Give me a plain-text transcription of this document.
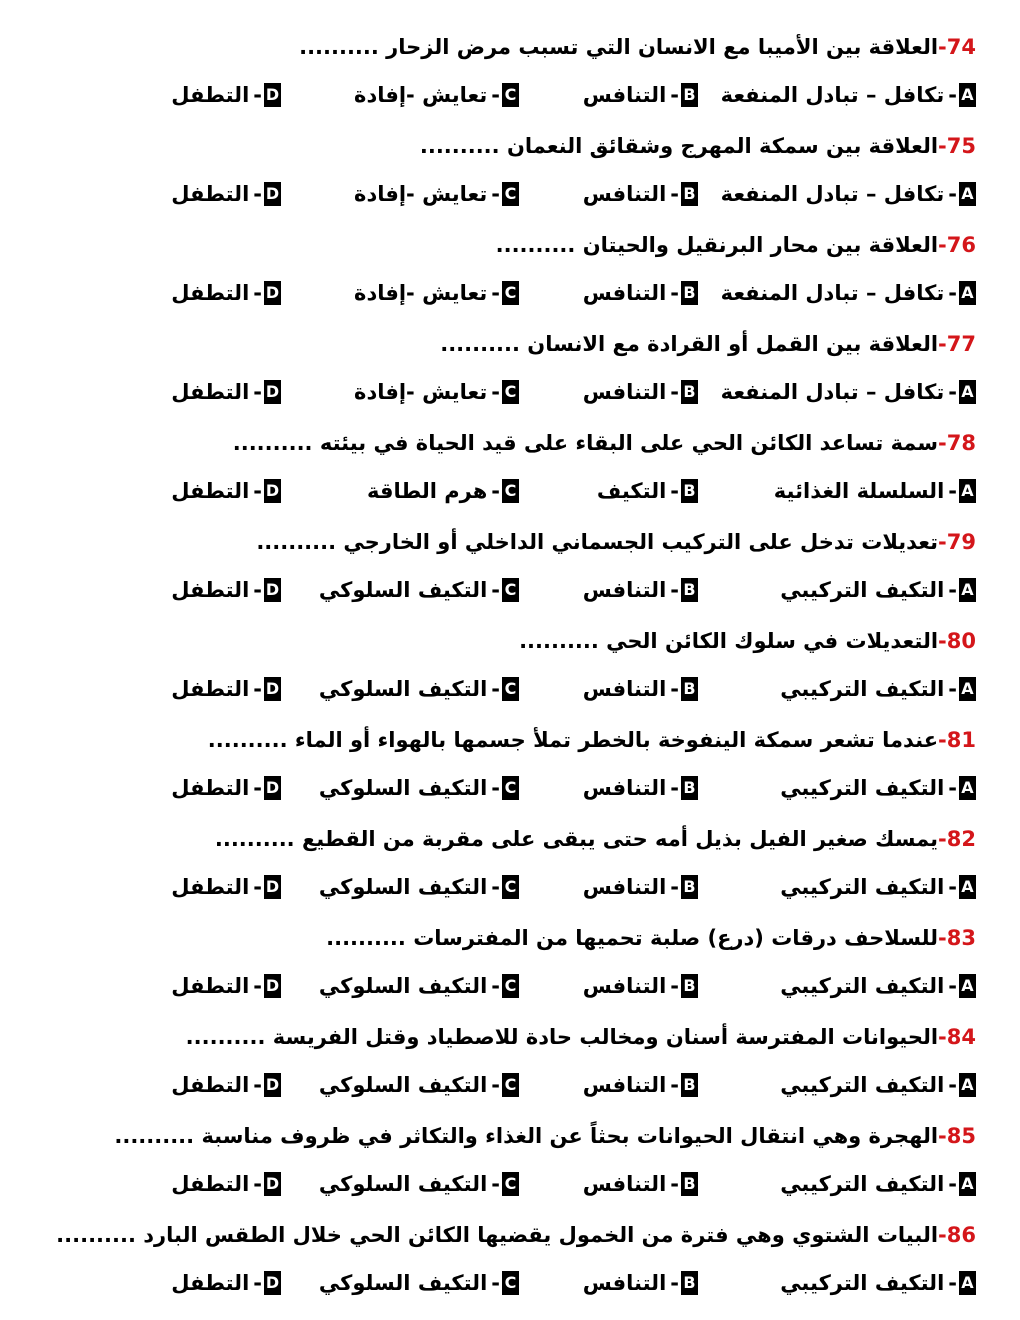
74-العلاقة بين الأميبا مع الانسان التي تسبب مرض الزحار ..........
A
-
تكافل – تبادل المنفعة
B
-
التنافس
C
-
تعايش -إفادة
D
-
التطفل
75-العلاقة بين سمكة المهرج وشقائق النعمان ..........
A
-
تكافل – تبادل المنفعة
B
-
التنافس
C
-
تعايش -إفادة
D
-
التطفل
76-العلاقة بين محار البرنقيل والحيتان ..........
A
-
تكافل – تبادل المنفعة
B
-
التنافس
C
-
تعايش -إفادة
D
-
التطفل
77-العلاقة بين القمل أو القرادة مع الانسان ..........
A
-
تكافل – تبادل المنفعة
B
-
التنافس
C
-
تعايش -إفادة
D
-
التطفل
78-سمة تساعد الكائن الحي على البقاء على قيد الحياة في بيئته ..........
A
-
السلسلة الغذائية
B
-
التكيف
C
-
هرم الطاقة
D
-
التطفل
79-تعديلات تدخل على التركيب الجسماني الداخلي أو الخارجي ..........
A
-
التكيف التركيبي
B
-
التنافس
C
-
التكيف السلوكي
D
-
التطفل
80-التعديلات في سلوك الكائن الحي ..........
A
-
التكيف التركيبي
B
-
التنافس
C
-
التكيف السلوكي
D
-
التطفل
81-عندما تشعر سمكة الينفوخة بالخطر تملأ جسمها بالهواء أو الماء ..........
A
-
التكيف التركيبي
B
-
التنافس
C
-
التكيف السلوكي
D
-
التطفل
82-يمسك صغير الفيل بذيل أمه حتى يبقى على مقربة من القطيع ..........
A
-
التكيف التركيبي
B
-
التنافس
C
-
التكيف السلوكي
D
-
التطفل
83-للسلاحف درقات (درع) صلبة تحميها من المفترسات ..........
A
-
التكيف التركيبي
B
-
التنافس
C
-
التكيف السلوكي
D
-
التطفل
84-الحيوانات المفترسة أسنان ومخالب حادة للاصطياد وقتل الفريسة ..........
A
-
التكيف التركيبي
B
-
التنافس
C
-
التكيف السلوكي
D
-
التطفل
85-الهجرة وهي انتقال الحيوانات بحثاً عن الغذاء والتكاثر في ظروف مناسبة ..........
A
-
التكيف التركيبي
B
-
التنافس
C
-
التكيف السلوكي
D
-
التطفل
86-البيات الشتوي وهي فترة من الخمول يقضيها الكائن الحي خلال الطقس البارد ..........
A
-
التكيف التركيبي
B
-
التنافس
C
-
التكيف السلوكي
D
-
التطفل
